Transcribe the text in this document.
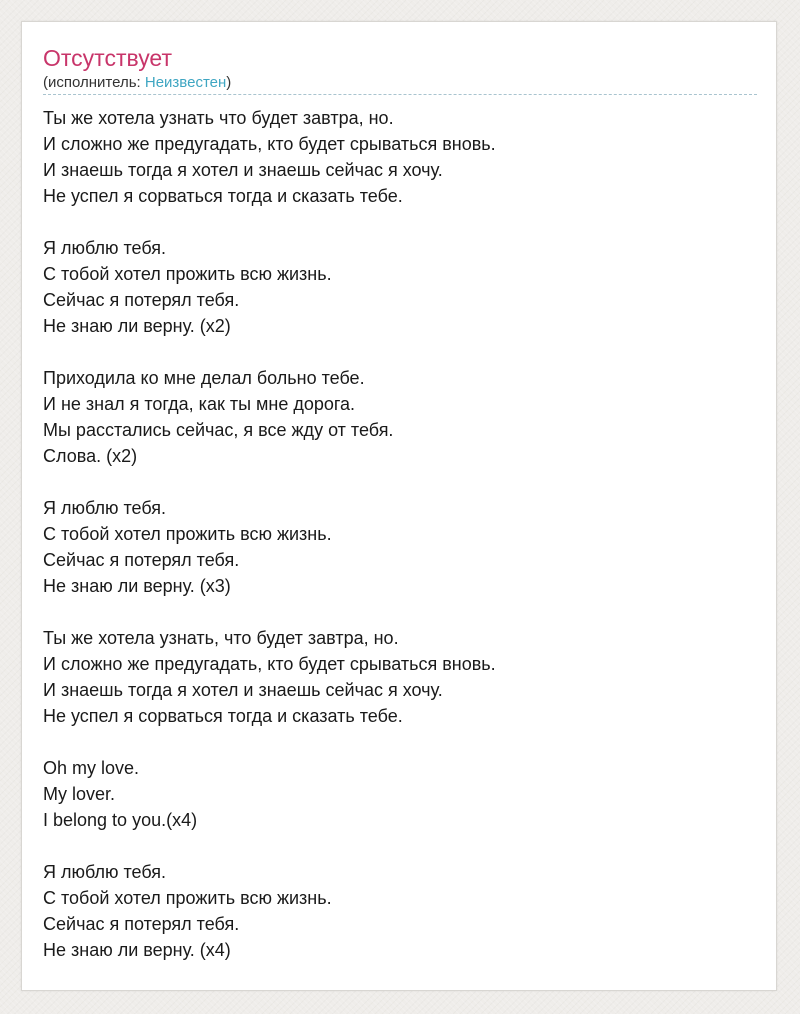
Отсутствует
(исполнитель: Неизвестен)
Ты же хотела узнать что будет завтра, но.
И сложно же предугадать, кто будет срываться вновь.
И знаешь тогда я хотел и знаешь сейчас я хочу.
Не успел я сорваться тогда и сказать тебе.

Я люблю тебя.
С тобой хотел прожить всю жизнь.
Сейчас я потерял тебя.
Не знаю ли верну. (x2)

Приходила ко мне делал больно тебе.
И не знал я тогда, как ты мне дорога.
Мы расстались сейчас, я все жду от тебя.
Слова. (x2)

Я люблю тебя.
С тобой хотел прожить всю жизнь.
Сейчас я потерял тебя.
Не знаю ли верну. (x3)

Ты же хотела узнать, что будет завтра, но.
И сложно же предугадать, кто будет срываться вновь.
И знаешь тогда я хотел и знаешь сейчас я хочу.
Не успел я сорваться тогда и сказать тебе.

Oh my love.
My lover.
I belong to you.(x4)

Я люблю тебя.
С тобой хотел прожить всю жизнь.
Сейчас я потерял тебя.
Не знаю ли верну. (x4)
